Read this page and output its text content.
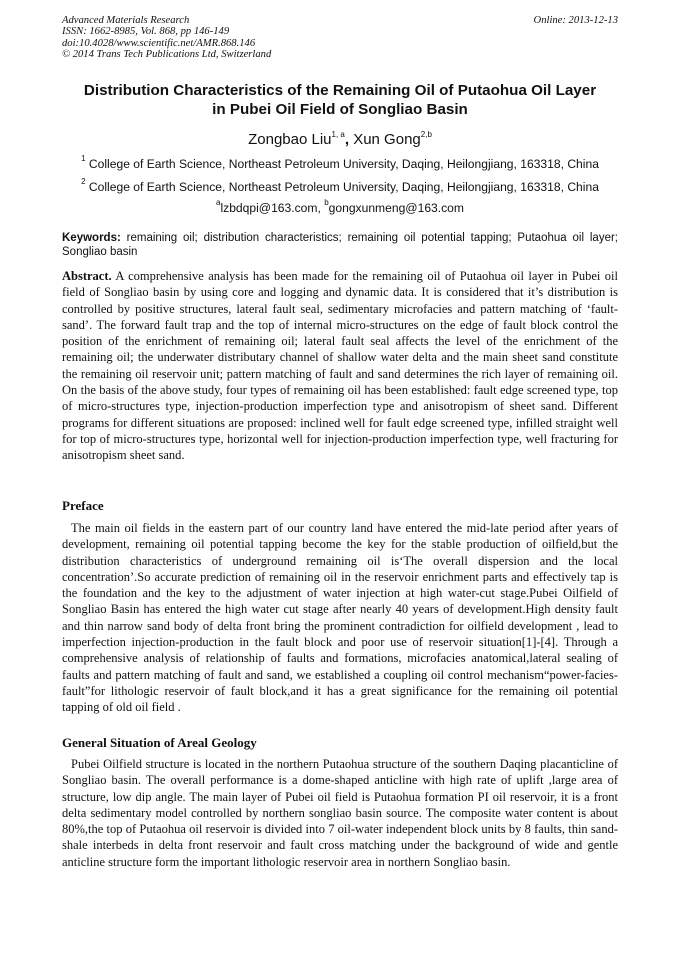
Advanced Materials Research
ISSN: 1662-8985, Vol. 868, pp 146-149
doi:10.4028/www.scientific.net/AMR.868.146
© 2014 Trans Tech Publications Ltd, Switzerland
Online: 2013-12-13
Distribution Characteristics of the Remaining Oil of Putaohua Oil Layer
in Pubei Oil Field of Songliao Basin
Zongbao Liu$^{1, a}$, Xun Gong$^{2,b}$
$^1$ College of Earth Science, Northeast Petroleum University, Daqing, Heilongjiang, 163318, China
$^2$ College of Earth Science, Northeast Petroleum University, Daqing, Heilongjiang, 163318, China
$^a$lzbdqpi@163.com, $^b$gongxunmeng@163.com
Keywords: remaining oil; distribution characteristics; remaining oil potential tapping; Putaohua oil layer; Songliao basin
Abstract. A comprehensive analysis has been made for the remaining oil of Putaohua oil layer in Pubei oil field of Songliao basin by using core and logging and dynamic data. It is considered that it’s distribution is controlled by positive structures, lateral fault seal, sedimentary microfacies and pattern matching of ‘fault-sand’. The forward fault trap and the top of internal micro-structures on the edge of fault block control the position of the enrichment of remaining oil; lateral fault seal affects the level of the enrichment of the remaining oil; the underwater distributary channel of shallow water delta and the main sheet sand constitute the remaining oil reservoir unit; pattern matching of fault and sand determines the rich layer of remaining oil. On the basis of the above study, four types of remaining oil has been established: fault edge screened type, top of micro-structures type, injection-production imperfection type and anisotropism of sheet sand. Different programs for different situations are proposed: inclined well for fault edge screened type, infilled straight well for top of micro-structures type, horizontal well for injection-production imperfection type, well fracturing for anisotropism sheet sand.
Preface
The main oil fields in the eastern part of our country land have entered the mid-late period after years of development, remaining oil potential tapping become the key for the stable production of oilfield,but the distribution characteristics of underground remaining oil is‘The overall dispersion and the local concentration’.So accurate prediction of remaining oil in the reservoir enrichment parts and effectively tap is the foundation and the key to the adjustment of water injection at high water-cut stage.Pubei Oilfield of Songliao Basin has entered the high water cut stage after nearly 40 years of development.High density fault and thin narrow sand body of delta front bring the prominent contradiction for oilfield development , lead to imperfection injection-production in the fault block and poor use of reservoir situation[1]-[4]. Through a comprehensive analysis of relationship of faults and formations, microfacies anatomical,lateral sealing of faults and pattern matching of fault and sand, we established a coupling oil control mechanism“power-facies-fault”for lithologic reservoir of fault block,and it has a great significance for the remaining oil potential tapping of old oil field .
General Situation of Areal Geology
Pubei Oilfield structure is located in the northern Putaohua structure of the southern Daqing placanticline of Songliao basin. The overall performance is a dome-shaped anticline with high rate of uplift ,large area of structure, low dip angle. The main layer of Pubei oil field is Putaohua formation PI oil reservoir, it is a front delta sedimentary model controlled by northern songliao basin source. The composite water content is about 80%,the top of Putaohua oil reservoir is divided into 7 oil-water independent block units by 8 faults, thin sand-shale interbeds in delta front reservoir and fault cross matching under the background of wide and gentle anticline structure form the important lithologic reservoir area in northern Songliao basin.
